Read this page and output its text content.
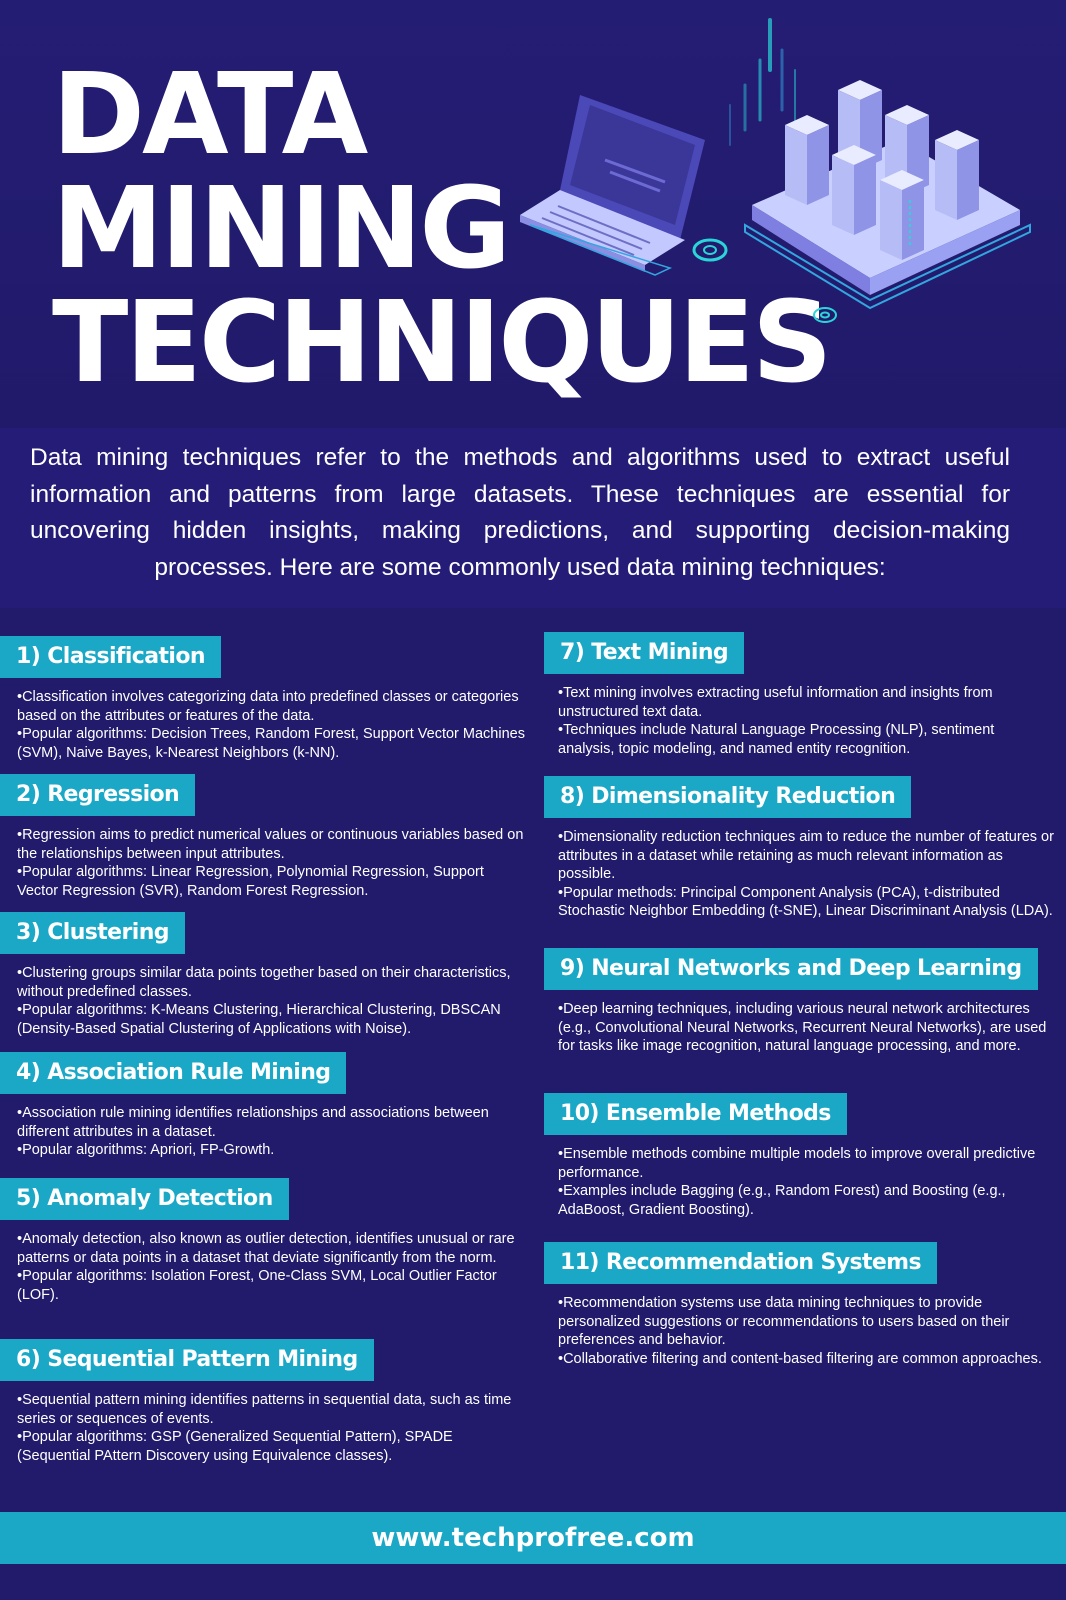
DATA
MINING
TECHNIQUES

Data mining techniques refer to the methods and algorithms used to extract useful information and patterns from large datasets. These techniques are essential for uncovering hidden insights, making predictions, and supporting decision-making processes. Here are some commonly used data mining techniques:

1) Classification

•Classification involves categorizing data into predefined classes or categories based on the attributes or features of the data.

•Popular algorithms: Decision Trees, Random Forest, Support Vector Machines (SVM), Naive Bayes, k-Nearest Neighbors (k-NN).

2) Regression

•Regression aims to predict numerical values or continuous variables based on the relationships between input attributes.

•Popular algorithms: Linear Regression, Polynomial Regression, Support Vector Regression (SVR), Random Forest Regression.

3) Clustering

•Clustering groups similar data points together based on their characteristics, without predefined classes.

•Popular algorithms: K-Means Clustering, Hierarchical Clustering, DBSCAN (Density-Based Spatial Clustering of Applications with Noise).

4) Association Rule Mining

•Association rule mining identifies relationships and associations between different attributes in a dataset.

•Popular algorithms: Apriori, FP-Growth.

5) Anomaly Detection

•Anomaly detection, also known as outlier detection, identifies unusual or rare patterns or data points in a dataset that deviate significantly from the norm.

•Popular algorithms: Isolation Forest, One-Class SVM, Local Outlier Factor (LOF).

6) Sequential Pattern Mining

•Sequential pattern mining identifies patterns in sequential data, such as time series or sequences of events.

•Popular algorithms: GSP (Generalized Sequential Pattern), SPADE (Sequential PAttern Discovery using Equivalence classes).

7) Text Mining

•Text mining involves extracting useful information and insights from unstructured text data.

•Techniques include Natural Language Processing (NLP), sentiment analysis, topic modeling, and named entity recognition.

8) Dimensionality Reduction

•Dimensionality reduction techniques aim to reduce the number of features or attributes in a dataset while retaining as much relevant information as possible.

•Popular methods: Principal Component Analysis (PCA), t-distributed Stochastic Neighbor Embedding (t-SNE), Linear Discriminant Analysis (LDA).

9) Neural Networks and Deep Learning

•Deep learning techniques, including various neural network architectures (e.g., Convolutional Neural Networks, Recurrent Neural Networks), are used for tasks like image recognition, natural language processing, and more.

10) Ensemble Methods

•Ensemble methods combine multiple models to improve overall predictive performance.

•Examples include Bagging (e.g., Random Forest) and Boosting (e.g., AdaBoost, Gradient Boosting).

11) Recommendation Systems

•Recommendation systems use data mining techniques to provide personalized suggestions or recommendations to users based on their preferences and behavior.

•Collaborative filtering and content-based filtering are common approaches.

www.techprofree.com
